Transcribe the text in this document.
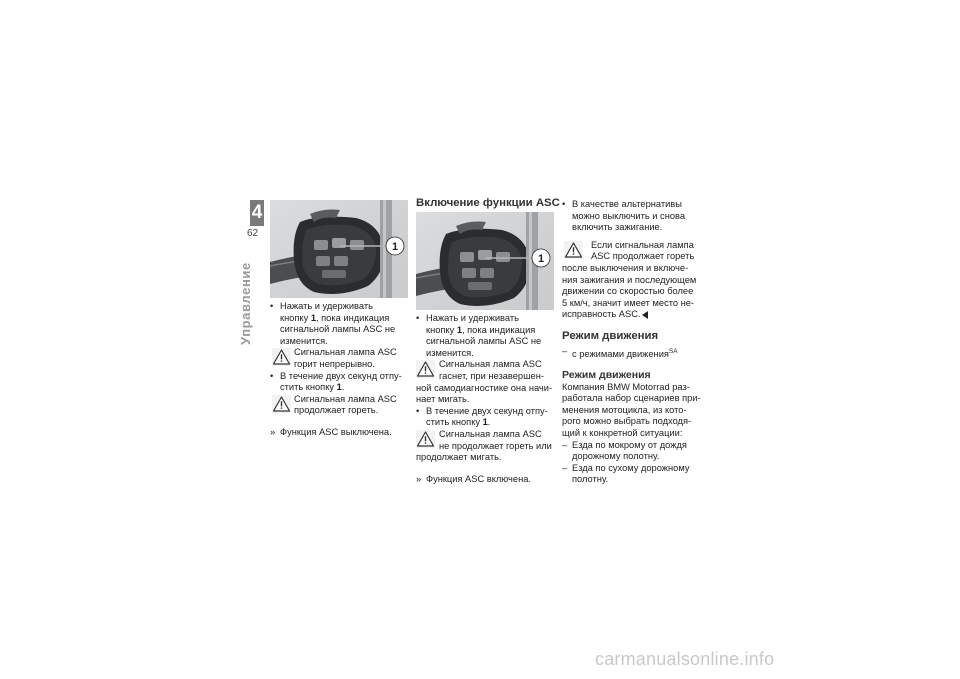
4
62
Управление
1
1

• Нажать и удерживать
кнопку 1, пока индикация
сигнальной лампы ASC не
изменится.

Сигнальная лампа ASC
горит непрерывно.

• В течение двух секунд отпу-
стить кнопку 1.

Сигнальная лампа ASC
продолжает гореть.

» Функция ASC выключена.

Включение функции ASC

• Нажать и удерживать
кнопку 1, пока индикация
сигнальной лампы ASC не
изменится.

Сигнальная лампа ASC
гаснет, при незавершен-
ной самодиагностике она начи-
нает мигать.

• В течение двух секунд отпу-
стить кнопку 1.

Сигнальная лампа ASC
не продолжает гореть или
продолжает мигать.

» Функция ASC включена.

• В качестве альтернативы
можно выключить и снова
включить зажигание.

Если сигнальная лампа
ASC продолжает гореть
после выключения и включе-
ния зажигания и последующем
движении со скоростью более
5 км/ч, значит имеет место не-
исправность ASC.

Режим движения

– с режимами движения$^{SA}$

Режим движения

Компания BMW Motorrad раз-
работала набор сценариев при-
менения мотоцикла, из кото-
рого можно выбрать подходя-
щий к конкретной ситуации:

– Езда по мокрому от дождя
дорожному полотну.

– Езда по сухому дорожному
полотну.

carmanualsonline.info
